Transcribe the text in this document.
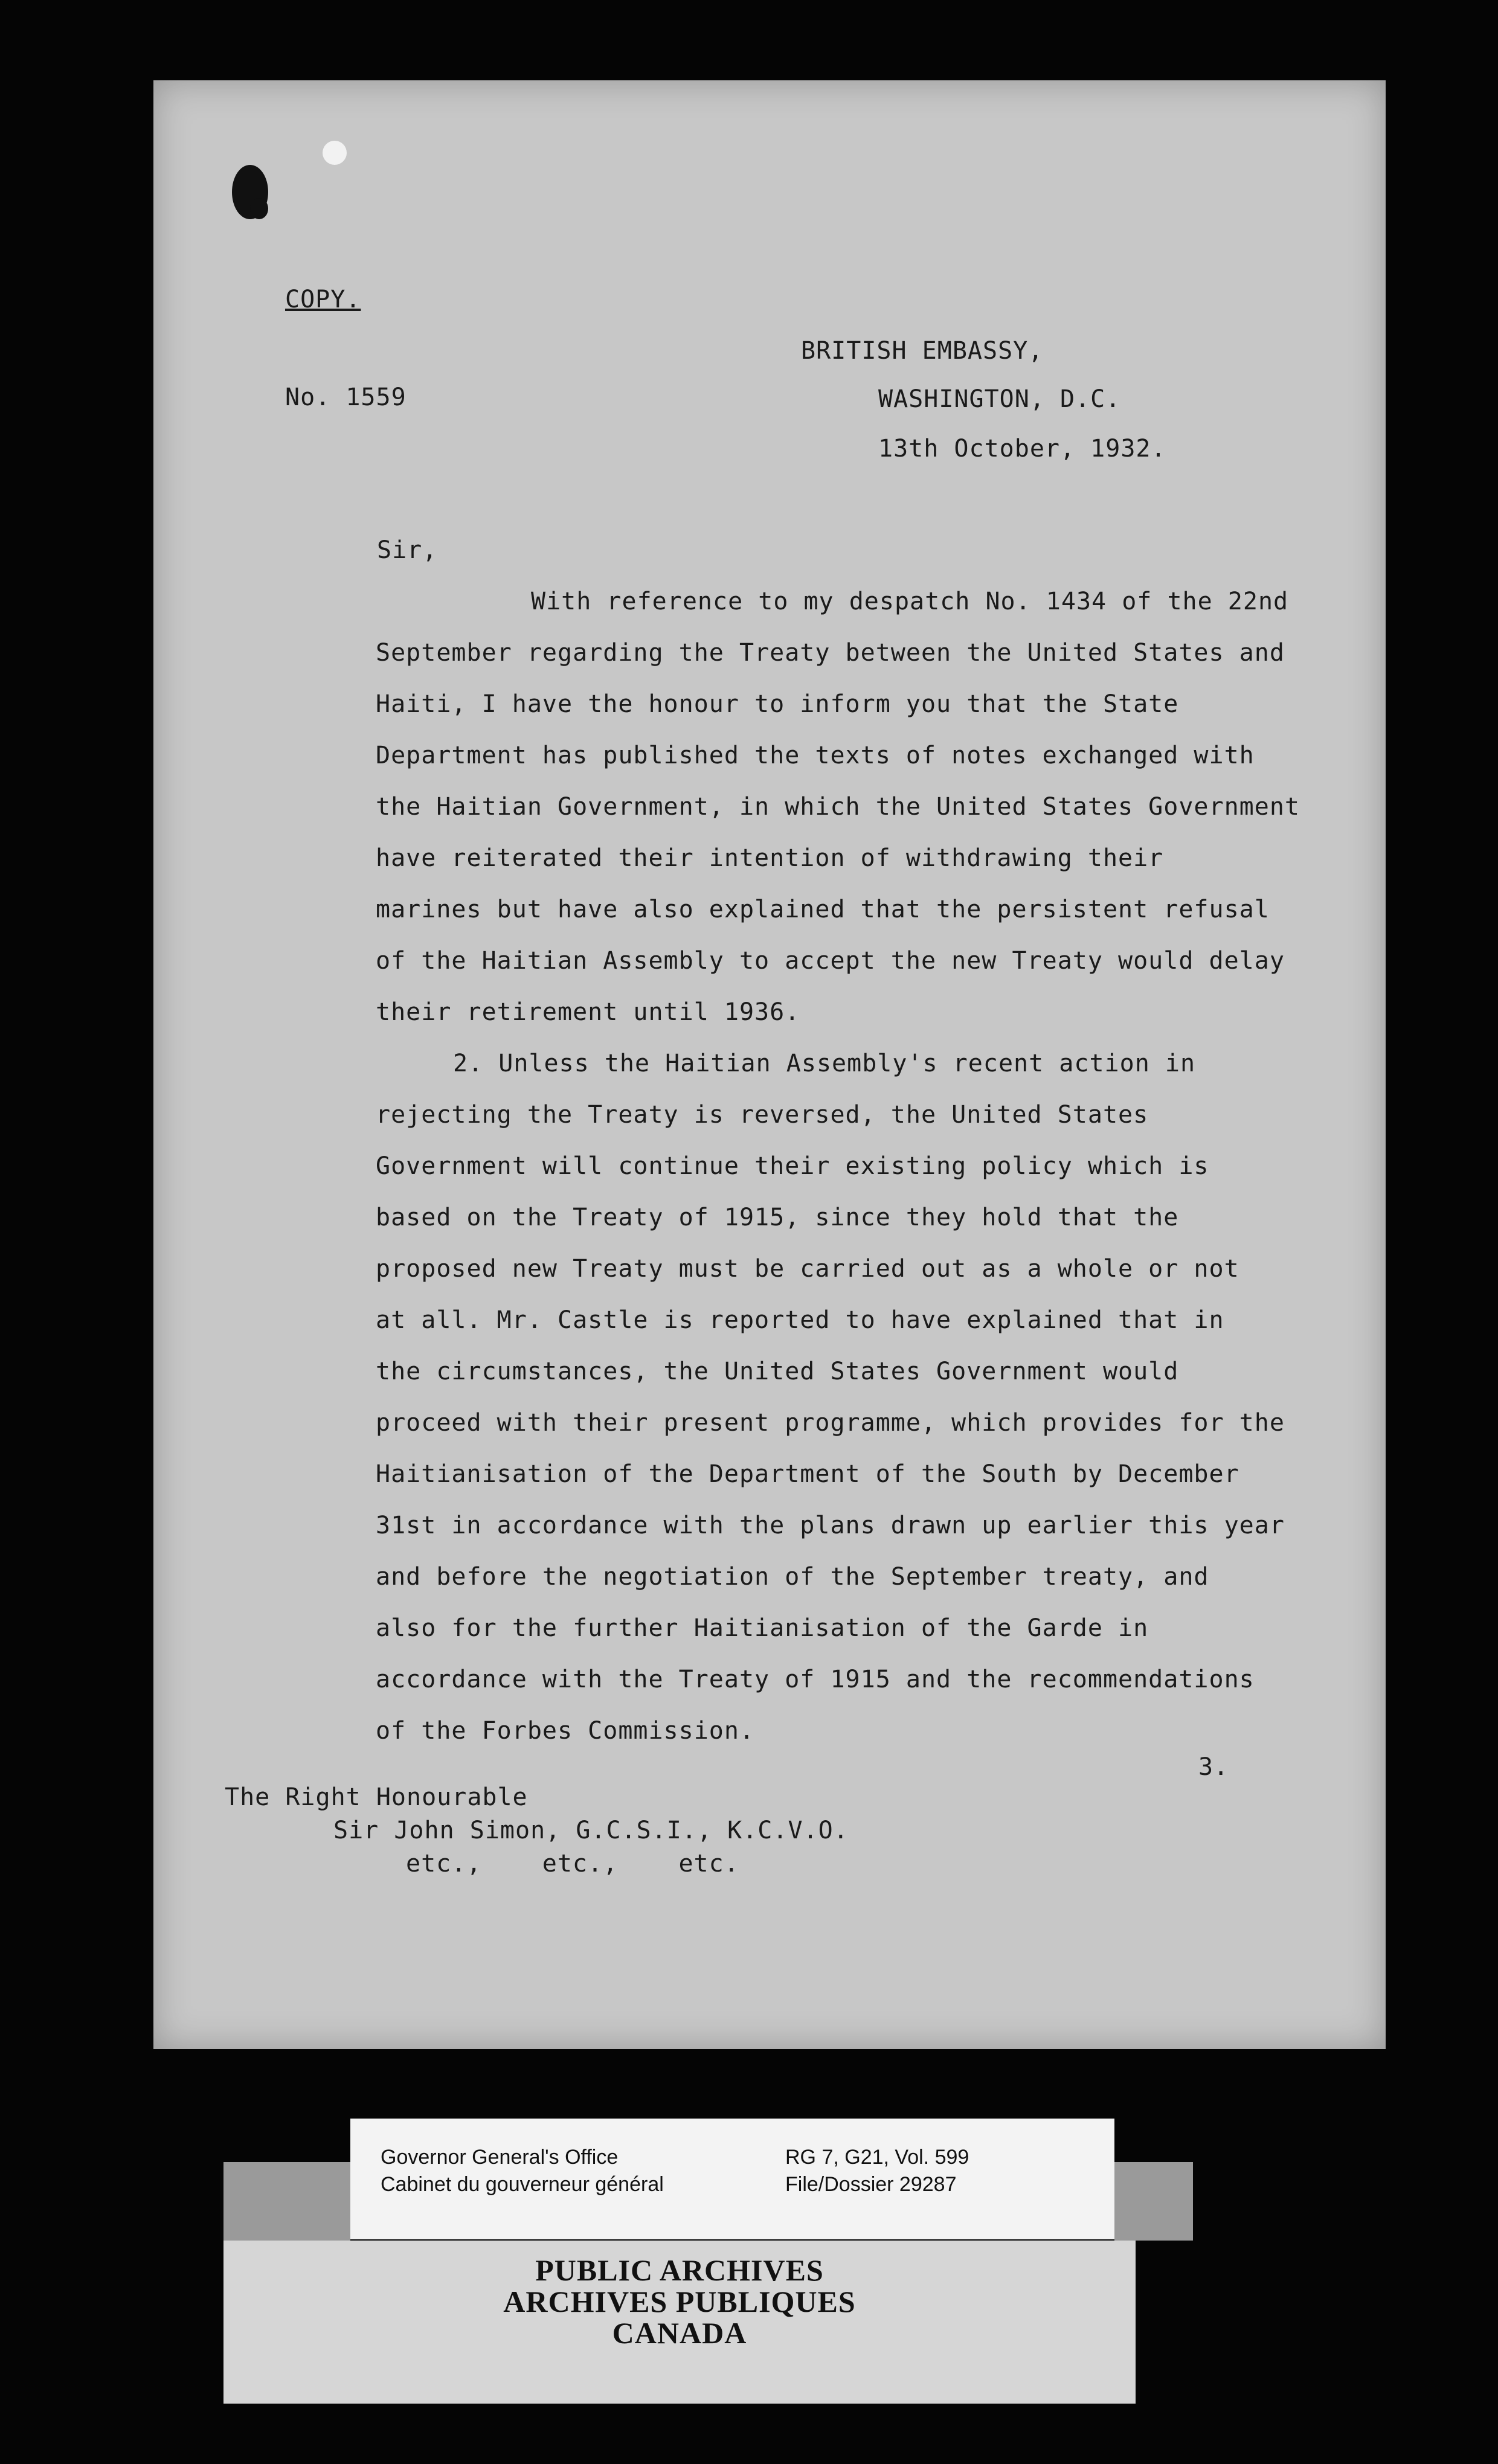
COPY.
BRITISH EMBASSY,
No. 1559	WASHINGTON, D.C.
13th October, 1932.
Sir,
With reference to my despatch No. 1434 of the 22nd
September regarding the Treaty between the United States and
Haiti, I have the honour to inform you that the State
Department has published the texts of notes exchanged with
the Haitian Government, in which the United States Government
have reiterated their intention of withdrawing their
marines but have also explained that the persistent refusal
of the Haitian Assembly to accept the new Treaty would delay
their retirement until 1936.
2. Unless the Haitian Assembly's recent action in
rejecting the Treaty is reversed, the United States
Government will continue their existing policy which is
based on the Treaty of 1915, since they hold that the
proposed new Treaty must be carried out as a whole or not
at all. Mr. Castle is reported to have explained that in
the circumstances, the United States Government would
proceed with their present programme, which provides for the
Haitianisation of the Department of the South by December
31st in accordance with the plans drawn up earlier this year
and before the negotiation of the September treaty, and
also for the further Haitianisation of the Garde in
accordance with the Treaty of 1915 and the recommendations
of the Forbes Commission.
3.
The Right Honourable
Sir John Simon, G.C.S.I., K.C.V.O.
etc.,    etc.,    etc.
Governor General's Office
Cabinet du gouverneur général
RG 7, G21, Vol. 599
File/Dossier 29287
PUBLIC ARCHIVES
ARCHIVES PUBLIQUES
CANADA
